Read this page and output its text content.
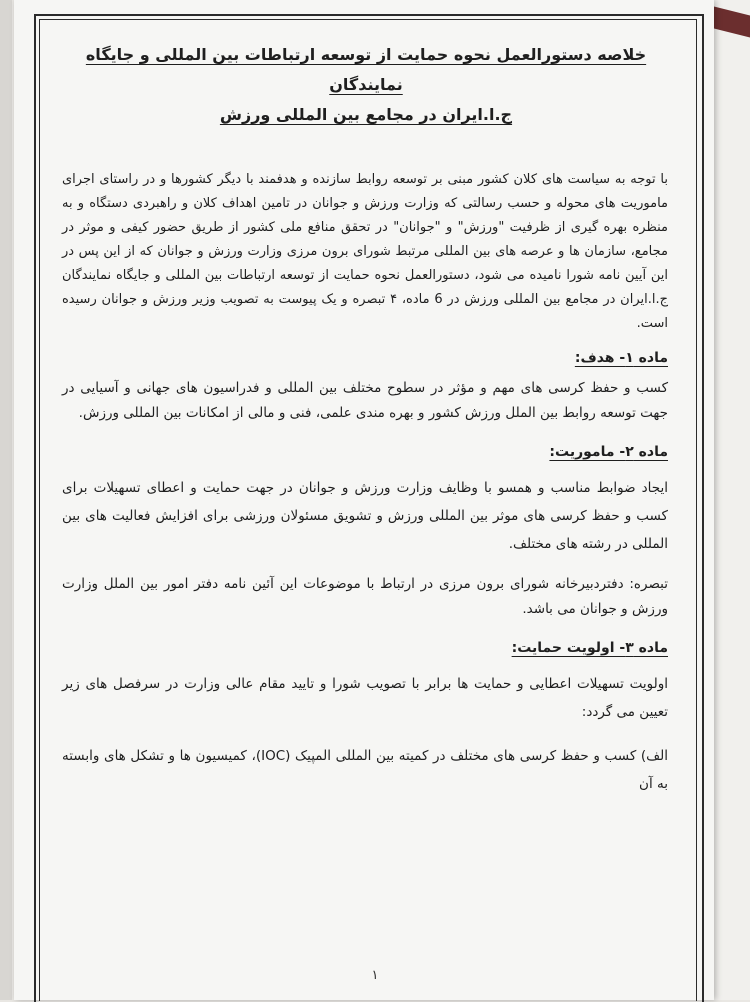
خلاصه دستورالعمل نحوه حمایت از توسعه ارتباطات بین المللی و جایگاه نمایندگان
ج.ا.ایران در مجامع بین المللی ورزش
با توجه به سیاست های کلان کشور مبنی بر توسعه روابط سازنده و هدفمند با دیگر کشورها و در راستای اجرای ماموریت های محوله و حسب رسالتی که وزارت ورزش و جوانان در تامین اهداف کلان و راهبردی دستگاه و به منظره بهره گیری از ظرفیت "ورزش" و "جوانان" در تحقق منافع ملی کشور از طریق حضور کیفی و موثر در مجامع، سازمان ها و عرصه های بین المللی مرتبط شورای برون مرزی وزارت ورزش و جوانان که از این پس در این آیین نامه شورا نامیده می شود، دستورالعمل نحوه حمایت از توسعه ارتباطات بین المللی و جایگاه نمایندگان ج.ا.ایران در مجامع بین المللی ورزش در 6 ماده، ۴ تبصره و یک پیوست به تصویب وزیر ورزش و جوانان رسیده است.
ماده ۱- هدف:
کسب و حفظ کرسی های مهم و مؤثر در سطوح مختلف بین المللی و فدراسیون های جهانی و آسیایی در جهت توسعه روابط بین الملل ورزش کشور و بهره مندی علمی، فنی و مالی از امکانات بین المللی ورزش.
ماده ۲- ماموریت:
ایجاد ضوابط مناسب و همسو با وظایف وزارت ورزش و جوانان در جهت حمایت و اعطای تسهیلات برای کسب و حفظ کرسی های موثر بین المللی ورزش و تشویق مسئولان ورزشی برای افزایش فعالیت های بین المللی در رشته های مختلف.
تبصره: دفتردبیرخانه شورای برون مرزی در ارتباط با موضوعات این آئین نامه دفتر امور بین الملل وزارت ورزش و جوانان می باشد.
ماده ۳- اولویت حمایت:
اولویت تسهیلات اعطایی و حمایت ها برابر با تصویب شورا و تایید مقام عالی وزارت در سرفصل های زیر تعیین می گردد:
الف) کسب و حفظ کرسی های مختلف در کمیته بین المللی المپیک (IOC)، کمیسیون ها و تشکل های وابسته به آن
۱
